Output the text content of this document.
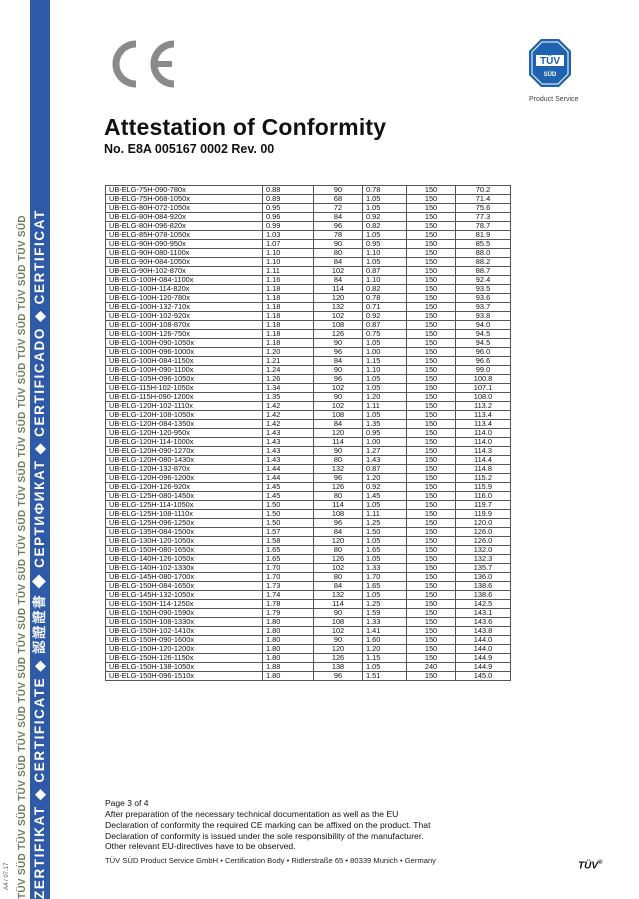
TÜV SÜD TÜV SÜD TÜV SÜD TÜV SÜD TÜV SÜD TÜV SÜD TÜV SÜD TÜV SÜD TÜV SÜD TÜV SÜD TÜV SÜD TÜV SÜD TÜV SÜD TÜV SÜD ZERTIFIKAT ◆ CERTIFICATE ◆ 認證證書 ◆ СЕРТИФИКАТ ◆ CERTIFICADO ◆ CERTIFICAT
A4 / 07.17
TÜV
SÜD
Product Service
Attestation of Conformity
No. E8A 005167 0002 Rev. 00
UB-ELG-75H-090-780x	0.88	90	0.78	150	70.2
UB-ELG-75H-068-1050x	0.89	68	1.05	150	71.4
UB-ELG-80H-072-1050x	0.95	72	1.05	150	75.6
UB-ELG-80H-084-920x	0.96	84	0.92	150	77.3
UB-ELG-80H-096-820x	0.99	96	0.82	150	78.7
UB-ELG-85H-078-1050x	1.03	78	1.05	150	81.9
UB-ELG-90H-090-950x	1.07	90	0.95	150	85.5
UB-ELG-90H-080-1100x	1.10	80	1.10	150	88.0
UB-ELG-90H-084-1050x	1.10	84	1.05	150	88.2
UB-ELG-90H-102-870x	1.11	102	0.87	150	88.7
UB-ELG-100H-084-1100x	1.16	84	1.10	150	92.4
UB-ELG-100H-114-820x	1.18	114	0.82	150	93.5
UB-ELG-100H-120-780x	1.18	120	0.78	150	93.6
UB-ELG-100H-132-710x	1.18	132	0.71	150	93.7
UB-ELG-100H-102-920x	1.18	102	0.92	150	93.8
UB-ELG-100H-108-870x	1.18	108	0.87	150	94.0
UB-ELG-100H-126-750x	1.18	126	0.75	150	94.5
UB-ELG-100H-090-1050x	1.18	90	1.05	150	94.5
UB-ELG-100H-096-1000x	1.20	96	1.00	150	96.0
UB-ELG-100H-084-1150x	1.21	84	1.15	150	96.6
UB-ELG-100H-090-1100x	1.24	90	1.10	150	99.0
UB-ELG-105H-096-1050x	1.26	96	1.05	150	100.8
UB-ELG-115H-102-1050x	1.34	102	1.05	150	107.1
UB-ELG-115H-090-1200x	1.35	90	1.20	150	108.0
UB-ELG-120H-102-1110x	1.42	102	1.11	150	113.2
UB-ELG-120H-108-1050x	1.42	108	1.05	150	113.4
UB-ELG-120H-084-1350x	1.42	84	1.35	150	113.4
UB-ELG-120H-120-950x	1.43	120	0.95	150	114.0
UB-ELG-120H-114-1000x	1.43	114	1.00	150	114.0
UB-ELG-120H-090-1270x	1.43	90	1.27	150	114.3
UB-ELG-120H-080-1430x	1.43	80	1.43	150	114.4
UB-ELG-120H-132-870x	1.44	132	0.87	150	114.8
UB-ELG-120H-096-1200x	1.44	96	1.20	150	115.2
UB-ELG-120H-126-920x	1.45	126	0.92	150	115.9
UB-ELG-125H-080-1450x	1.45	80	1.45	150	116.0
UB-ELG-125H-114-1050x	1.50	114	1.05	150	119.7
UB-ELG-125H-108-1110x	1.50	108	1.11	150	119.9
UB-ELG-125H-096-1250x	1.50	96	1.25	150	120.0
UB-ELG-135H-084-1500x	1.57	84	1.50	150	126.0
UB-ELG-130H-120-1050x	1.58	120	1.05	150	126.0
UB-ELG-150H-080-1650x	1.65	80	1.65	150	132.0
UB-ELG-140H-126-1050x	1.65	126	1.05	150	132.3
UB-ELG-140H-102-1330x	1.70	102	1.33	150	135.7
UB-ELG-145H-080-1700x	1.70	80	1.70	150	136.0
UB-ELG-150H-084-1650x	1.73	84	1.65	150	138.6
UB-ELG-145H-132-1050x	1.74	132	1.05	150	138.6
UB-ELG-150H-114-1250x	1.78	114	1.25	150	142.5
UB-ELG-150H-090-1590x	1.79	90	1.59	150	143.1
UB-ELG-150H-108-1330x	1.80	108	1.33	150	143.6
UB-ELG-150H-102-1410x	1.80	102	1.41	150	143.8
UB-ELG-150H-090-1600x	1.80	90	1.60	150	144.0
UB-ELG-150H-120-1200x	1.80	120	1.20	150	144.0
UB-ELG-150H-126-1150x	1.80	126	1.15	150	144.9
UB-ELG-150H-138-1050x	1.88	138	1.05	240	144.9
UB-ELG-150H-096-1510x	1.80	96	1.51	150	145.0
Page 3 of 4
After preparation of the necessary technical documentation as well as the EU
Declaration of conformity the required CE marking can be affixed on the product. That
Declaration of conformity is issued under the sole responsibility of the manufacturer.
Other relevant EU-directives have to be observed.
TÜV SÜD Product Service GmbH • Certification Body • Ridlerstraße 65 • 80339 Munich • Germany	TÜV®
